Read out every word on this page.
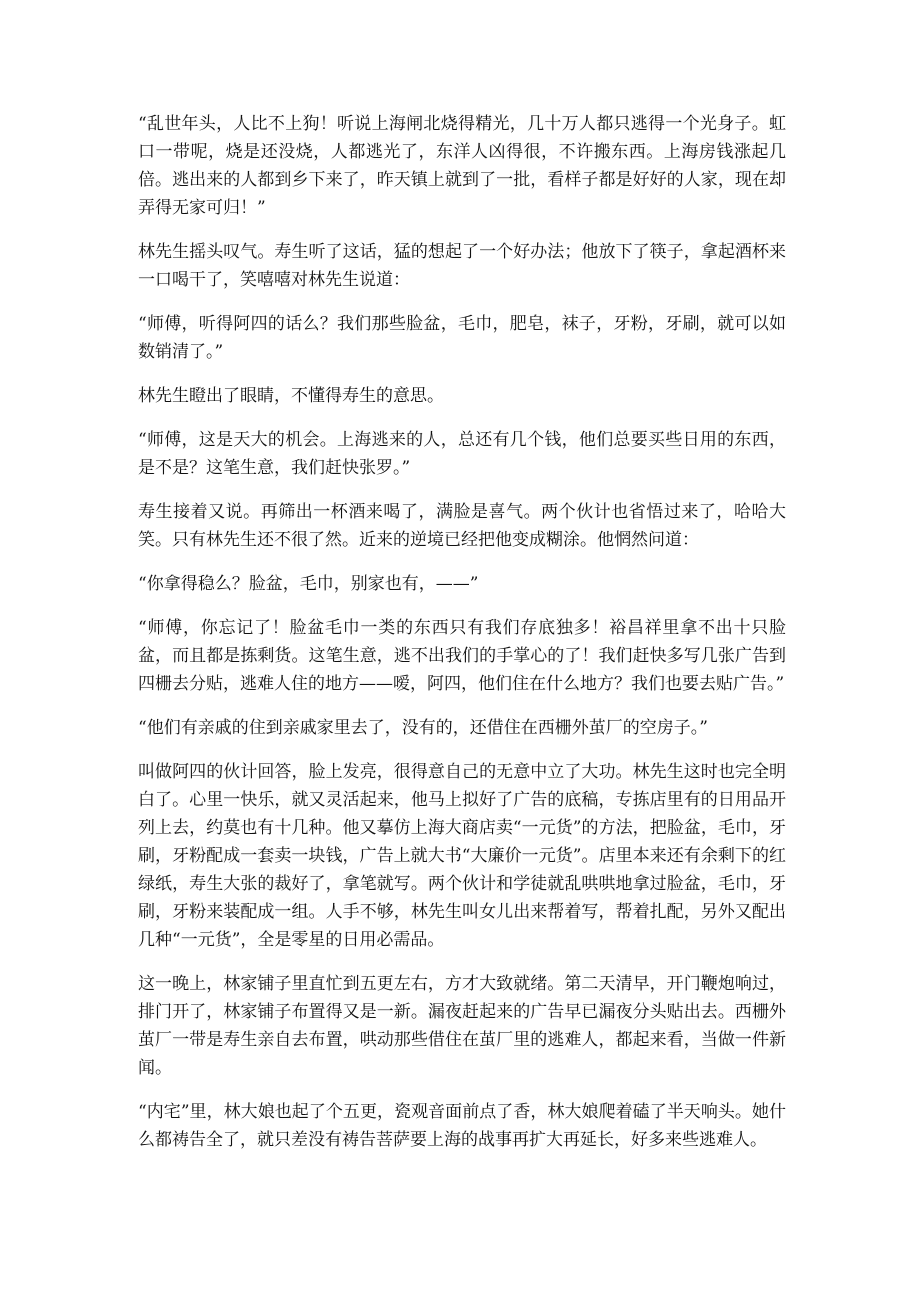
“乱世年头，人比不上狗！听说上海闸北烧得精光，几十万人都只逃得一个光身子。虹口一带呢，烧是还没烧，人都逃光了，东洋人凶得很，不许搬东西。上海房钱涨起几倍。逃出来的人都到乡下来了，昨天镇上就到了一批，看样子都是好好的人家，现在却弄得无家可归！”

林先生摇头叹气。寿生听了这话，猛的想起了一个好办法；他放下了筷子，拿起酒杯来一口喝干了，笑嘻嘻对林先生说道：

“师傅，听得阿四的话么？我们那些脸盆，毛巾，肥皂，袜子，牙粉，牙刷，就可以如数销清了。”

林先生瞪出了眼睛，不懂得寿生的意思。

“师傅，这是天大的机会。上海逃来的人，总还有几个钱，他们总要买些日用的东西，是不是？这笔生意，我们赶快张罗。”

寿生接着又说。再筛出一杯酒来喝了，满脸是喜气。两个伙计也省悟过来了，哈哈大笑。只有林先生还不很了然。近来的逆境已经把他变成糊涂。他惘然问道：

“你拿得稳么？脸盆，毛巾，别家也有，——”

“师傅，你忘记了！脸盆毛巾一类的东西只有我们存底独多！裕昌祥里拿不出十只脸盆，而且都是拣剩货。这笔生意，逃不出我们的手掌心的了！我们赶快多写几张广告到四栅去分贴，逃难人住的地方——嗳，阿四，他们住在什么地方？我们也要去贴广告。”

“他们有亲戚的住到亲戚家里去了，没有的，还借住在西栅外茧厂的空房子。”

叫做阿四的伙计回答，脸上发亮，很得意自己的无意中立了大功。林先生这时也完全明白了。心里一快乐，就又灵活起来，他马上拟好了广告的底稿，专拣店里有的日用品开列上去，约莫也有十几种。他又摹仿上海大商店卖“一元货”的方法，把脸盆，毛巾，牙刷，牙粉配成一套卖一块钱，广告上就大书“大廉价一元货”。店里本来还有余剩下的红绿纸，寿生大张的裁好了，拿笔就写。两个伙计和学徒就乱哄哄地拿过脸盆，毛巾，牙刷，牙粉来装配成一组。人手不够，林先生叫女儿出来帮着写，帮着扎配，另外又配出几种“一元货”，全是零星的日用必需品。

这一晚上，林家铺子里直忙到五更左右，方才大致就绪。第二天清早，开门鞭炮响过，排门开了，林家铺子布置得又是一新。漏夜赶起来的广告早已漏夜分头贴出去。西栅外茧厂一带是寿生亲自去布置，哄动那些借住在茧厂里的逃难人，都起来看，当做一件新闻。

“内宅”里，林大娘也起了个五更，瓷观音面前点了香，林大娘爬着磕了半天响头。她什么都祷告全了，就只差没有祷告菩萨要上海的战事再扩大再延长，好多来些逃难人。
